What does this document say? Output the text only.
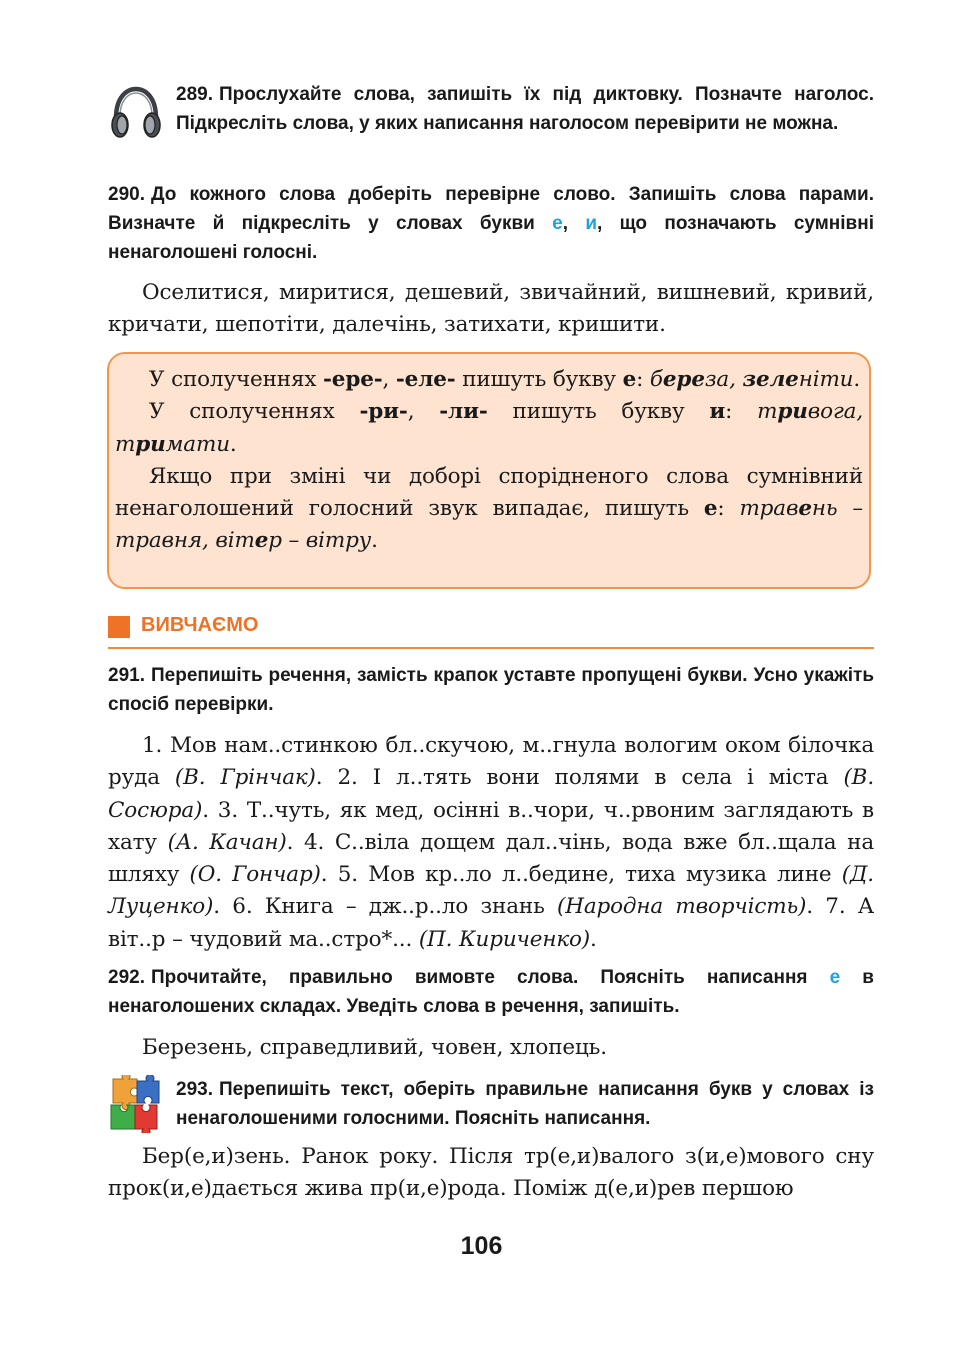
289. Прослухайте слова, запишіть їх під диктовку. Позначте наголос. Підкресліть слова, у яких написання наголосом перевірити не можна.
290. До кожного слова доберіть перевірне слово. Запишіть слова парами. Визначте й підкресліть у словах букви е, и, що позначають сумнівні ненаголошені голосні.
Оселитися, миритися, дешевий, звичайний, вишневий, кривий, кричати, шепотіти, далечінь, затихати, кришити.

У сполученнях -ере-, -еле- пишуть букву е: береза, зеленіти.

У сполученнях -ри-, -ли- пишуть букву и: тривога, тримати.

Якщо при зміні чи доборі спорідненого слова сумнівний ненаголошений голосний звук випадає, пишуть е: травень – травня, вітер – вітру.

ВИВЧАЄМО
291. Перепишіть речення, замість крапок уставте пропущені букви. Усно укажіть спосіб перевірки.
1. Мов нам..стинкою бл..скучою, м..гнула вологим оком білочка руда (В. Грінчак). 2. І л..тять вони полями в села і міста (В. Сосюра). 3. Т..чуть, як мед, осінні в..чори, ч..рвоним заглядають в хату (А. Качан). 4. С..віла дощем дал..чінь, вода вже бл..щала на шляху (О. Гончар). 5. Мов кр..ло л..бедине, тиха музика лине (Д. Луценко). 6. Книга – дж..р..ло знань (Народна творчість). 7. А віт..р – чудовий ма..стро*... (П. Кириченко).
292. Прочитайте, правильно вимовте слова. Поясніть написання е в ненаголошених складах. Уведіть слова в речення, запишіть.
Березень, справедливий, човен, хлопець.
293. Перепишіть текст, оберіть правильне написання букв у словах із ненаголошеними голосними. Поясніть написання.
Бер(е,и)зень. Ранок року. Після тр(е,и)валого з(и,е)мового сну прок(и,е)дається жива пр(и,е)рода. Поміж д(е,и)рев першою
106
